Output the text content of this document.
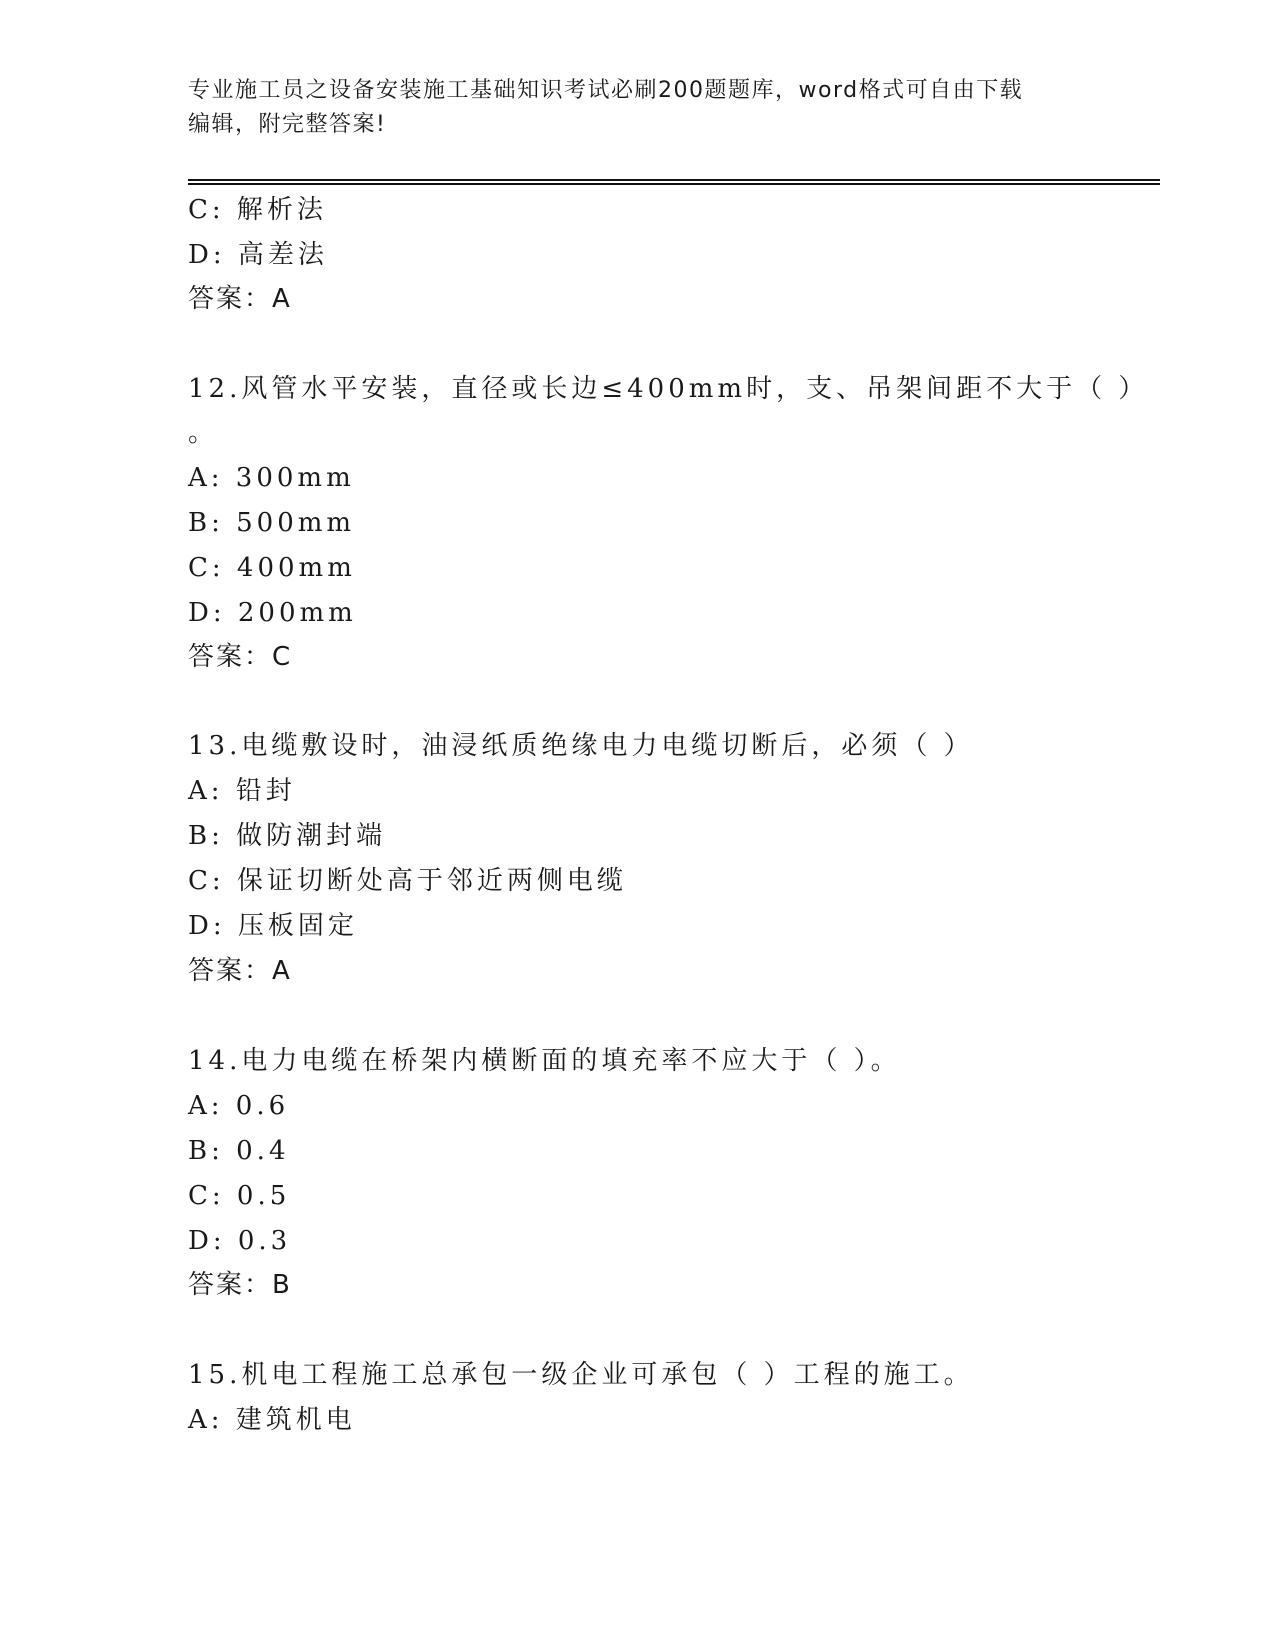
专业施工员之设备安装施工基础知识考试必刷200题题库，word格式可自由下载
编辑，附完整答案!
C: 解析法
D: 高差法
答案：A
12.风管水平安装，直径或长边≤400mm时，支、吊架间距不大于（ ）
。
A: 300mm
B: 500mm
C: 400mm
D: 200mm
答案：C
13.电缆敷设时，油浸纸质绝缘电力电缆切断后，必须（ ）
A: 铅封
B: 做防潮封端
C: 保证切断处高于邻近两侧电缆
D: 压板固定
答案：A
14.电力电缆在桥架内横断面的填充率不应大于（ ）。
A: 0.6
B: 0.4
C: 0.5
D: 0.3
答案：B
15.机电工程施工总承包一级企业可承包（ ）工程的施工。
A: 建筑机电
